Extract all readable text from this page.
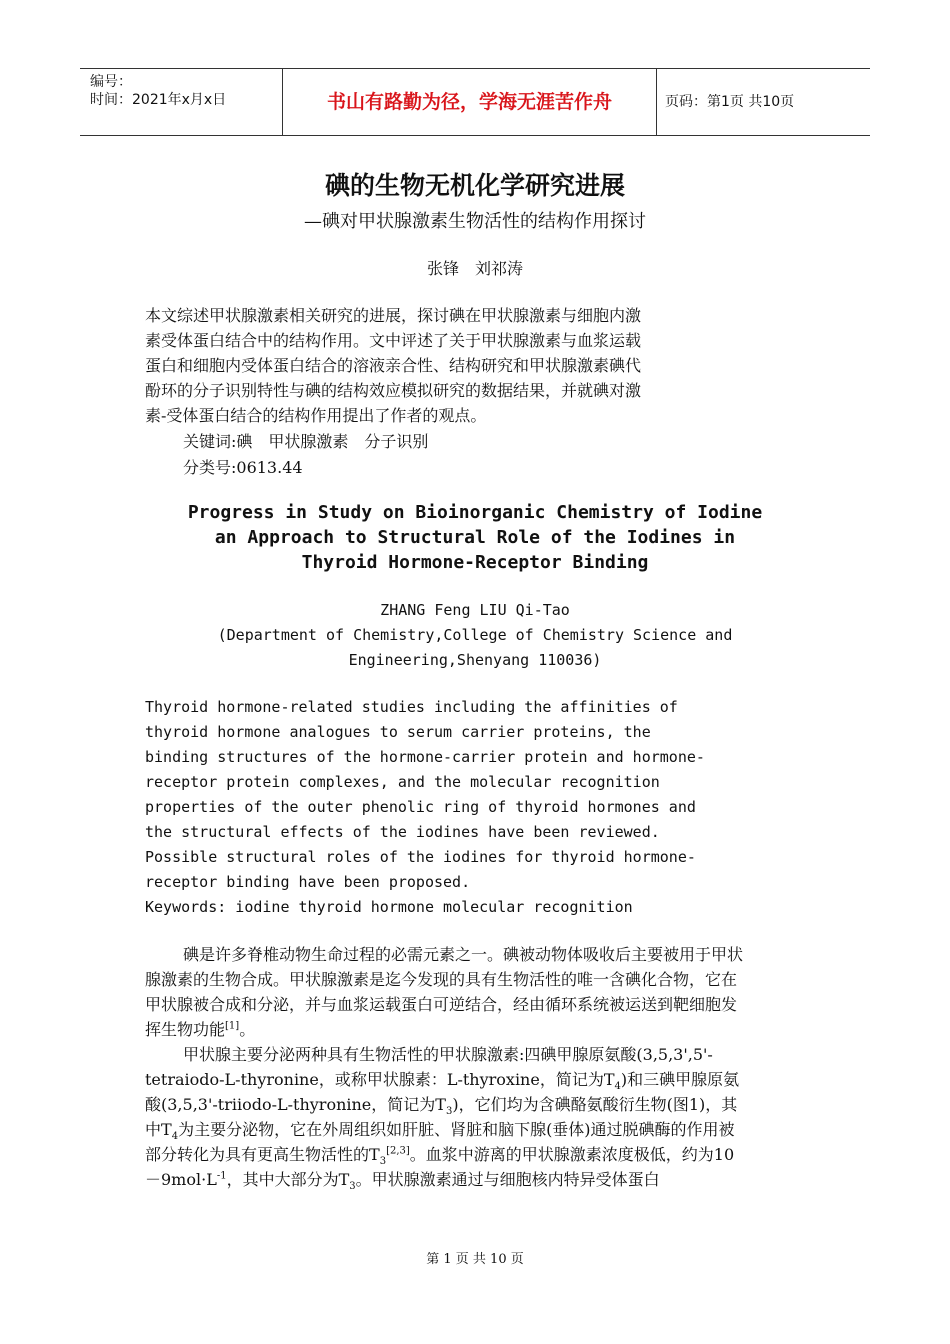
编号：
时间：2021年x月x日	书山有路勤为径，学海无涯苦作舟	页码：第1页 共10页
碘的生物无机化学研究进展
—碘对甲状腺激素生物活性的结构作用探讨
张锋　刘祁涛
本文综述甲状腺激素相关研究的进展，探讨碘在甲状腺激素与细胞内激
素受体蛋白结合中的结构作用。文中评述了关于甲状腺激素与血浆运载
蛋白和细胞内受体蛋白结合的溶液亲合性、结构研究和甲状腺激素碘代
酚环的分子识别特性与碘的结构效应模拟研究的数据结果，并就碘对激
素-受体蛋白结合的结构作用提出了作者的观点。
关键词:碘　甲状腺激素　分子识别
分类号:0613.44
Progress in Study on Bioinorganic Chemistry of Iodine
an Approach to Structural Role of the Iodines in
Thyroid Hormone-Receptor Binding
ZHANG Feng LIU Qi-Tao
(Department of Chemistry,College of Chemistry Science and
Engineering,Shenyang 110036)
Thyroid hormone-related studies including the affinities of
thyroid hormone analogues to serum carrier proteins, the
binding structures of the hormone-carrier protein and hormone-
receptor protein complexes, and the molecular recognition
properties of the outer phenolic ring of thyroid hormones and
the structural effects of the iodines have been reviewed.
Possible structural roles of the iodines for thyroid hormone-
receptor binding have been proposed.
Keywords: iodine thyroid hormone molecular recognition

碘是许多脊椎动物生命过程的必需元素之一。碘被动物体吸收后主要被用于甲状腺激素的生物合成。甲状腺激素是迄今发现的具有生物活性的唯一含碘化合物，它在甲状腺被合成和分泌，并与血浆运载蛋白可逆结合，经由循环系统被运送到靶细胞发挥生物功能[1]。

甲状腺主要分泌两种具有生物活性的甲状腺激素:四碘甲腺原氨酸(3,5,3',5'-tetraiodo-L-thyronine，或称甲状腺素：L-thyroxine，简记为$T_4$)和三碘甲腺原氨酸(3,5,3'-triiodo-L-thyronine，简记为$T_3$)，它们均为含碘酪氨酸衍生物(图1)，其中$T_4$为主要分泌物，它在外周组织如肝脏、肾脏和脑下腺(垂体)通过脱碘酶的作用被部分转化为具有更高生物活性的$T_3[2,3]$。血浆中游离的甲状腺激素浓度极低，约为$10-9mol\cdot L^{-1}$，其中大部分为$T_3$。甲状腺激素通过与细胞核内特异受体蛋白

第 1 页 共 10 页
